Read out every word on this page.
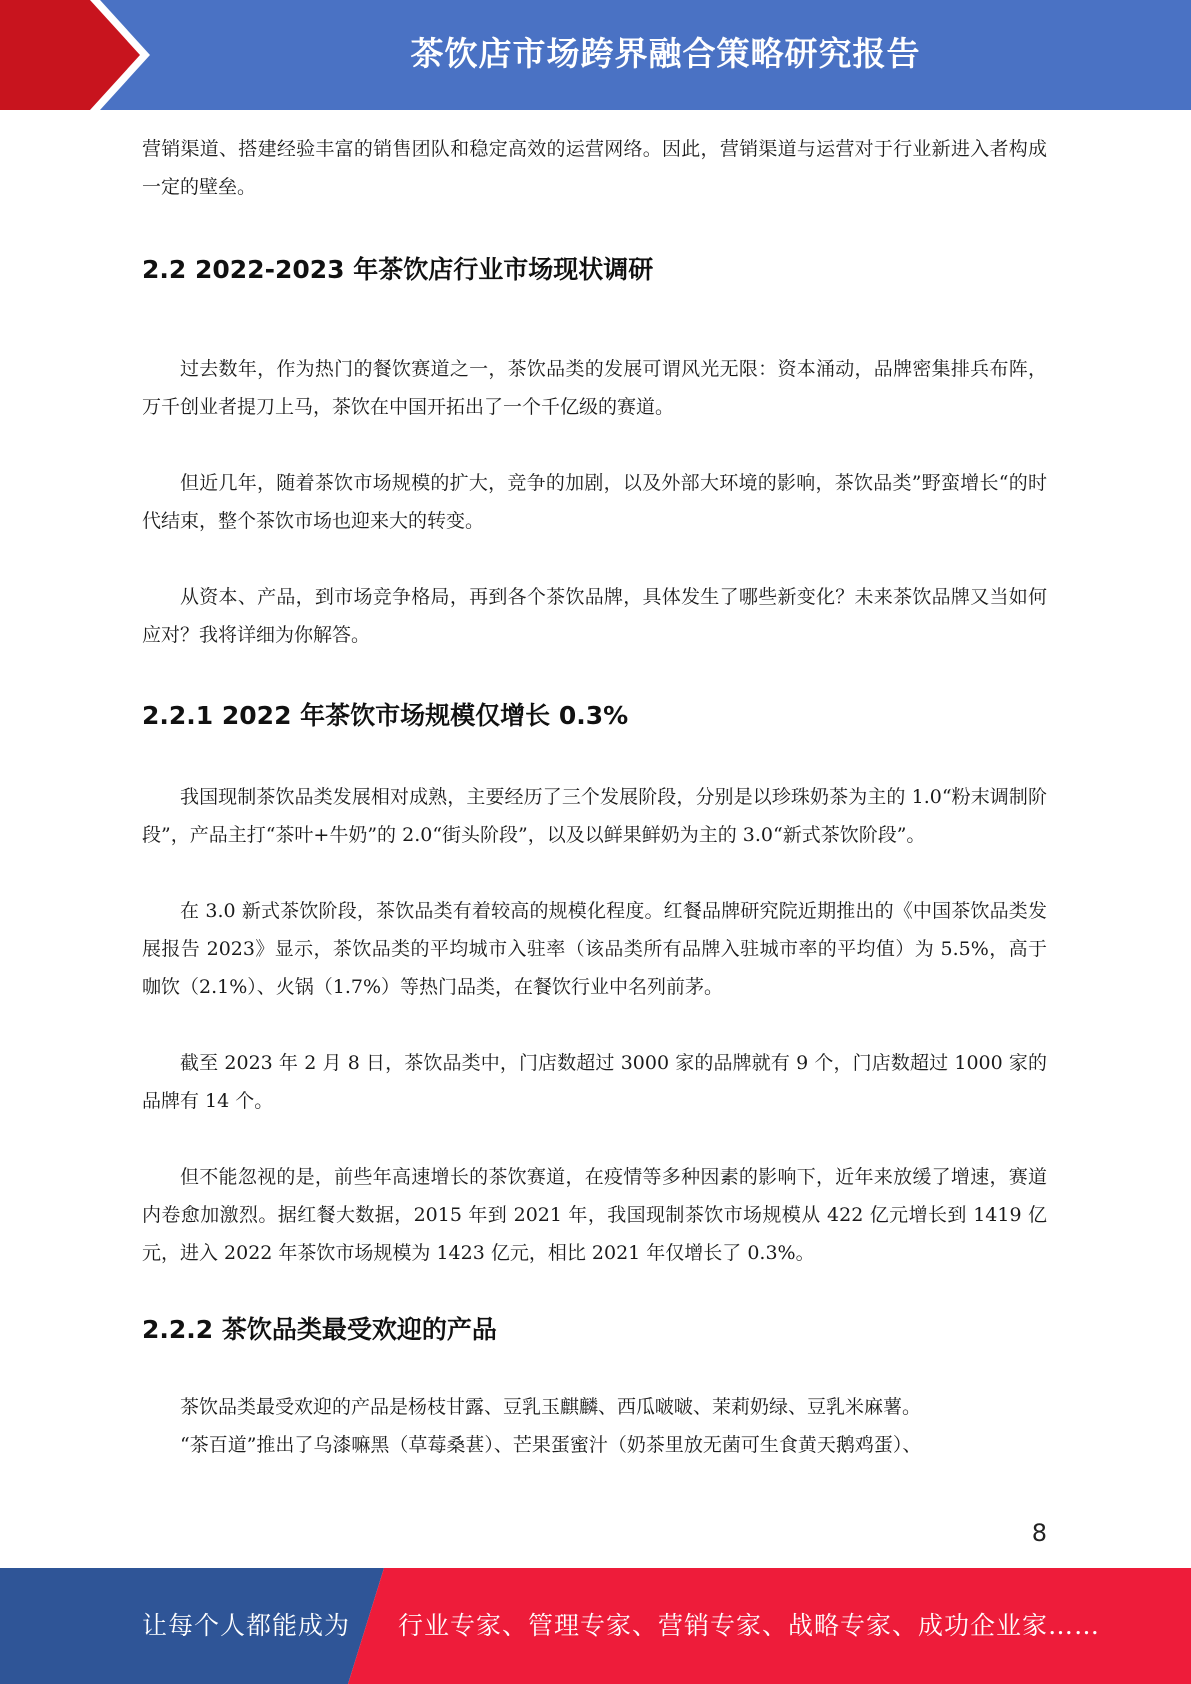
茶饮店市场跨界融合策略研究报告

营销渠道、搭建经验丰富的销售团队和稳定高效的运营网络。因此，营销渠道与运营对于行业新进入者构成一定的壁垒。

2.2 2022-2023 年茶饮店行业市场现状调研

过去数年，作为热门的餐饮赛道之一，茶饮品类的发展可谓风光无限：资本涌动，品牌密集排兵布阵，万千创业者提刀上马，茶饮在中国开拓出了一个千亿级的赛道。

但近几年，随着茶饮市场规模的扩大，竞争的加剧，以及外部大环境的影响，茶饮品类”野蛮增长“的时代结束，整个茶饮市场也迎来大的转变。

从资本、产品，到市场竞争格局，再到各个茶饮品牌，具体发生了哪些新变化？未来茶饮品牌又当如何应对？我将详细为你解答。

2.2.1 2022 年茶饮市场规模仅增长 0.3%

我国现制茶饮品类发展相对成熟，主要经历了三个发展阶段，分别是以珍珠奶茶为主的 1.0“粉末调制阶段”，产品主打“茶叶+牛奶”的 2.0“街头阶段”，以及以鲜果鲜奶为主的 3.0“新式茶饮阶段”。

在 3.0 新式茶饮阶段，茶饮品类有着较高的规模化程度。红餐品牌研究院近期推出的《中国茶饮品类发展报告 2023》显示，茶饮品类的平均城市入驻率（该品类所有品牌入驻城市率的平均值）为 5.5%，高于咖饮（2.1%）、火锅（1.7%）等热门品类，在餐饮行业中名列前茅。

截至 2023 年 2 月 8 日，茶饮品类中，门店数超过 3000 家的品牌就有 9 个，门店数超过 1000 家的品牌有 14 个。

但不能忽视的是，前些年高速增长的茶饮赛道，在疫情等多种因素的影响下，近年来放缓了增速，赛道内卷愈加激烈。据红餐大数据，2015 年到 2021 年，我国现制茶饮市场规模从 422 亿元增长到 1419 亿元，进入 2022 年茶饮市场规模为 1423 亿元，相比 2021 年仅增长了 0.3%。

2.2.2 茶饮品类最受欢迎的产品

茶饮品类最受欢迎的产品是杨枝甘露、豆乳玉麒麟、西瓜啵啵、茉莉奶绿、豆乳米麻薯。

“茶百道”推出了乌漆嘛黑（草莓桑葚）、芒果蛋蜜汁（奶茶里放无菌可生食黄天鹅鸡蛋）、

8
让每个人都能成为 行业专家、管理专家、营销专家、战略专家、成功企业家……
